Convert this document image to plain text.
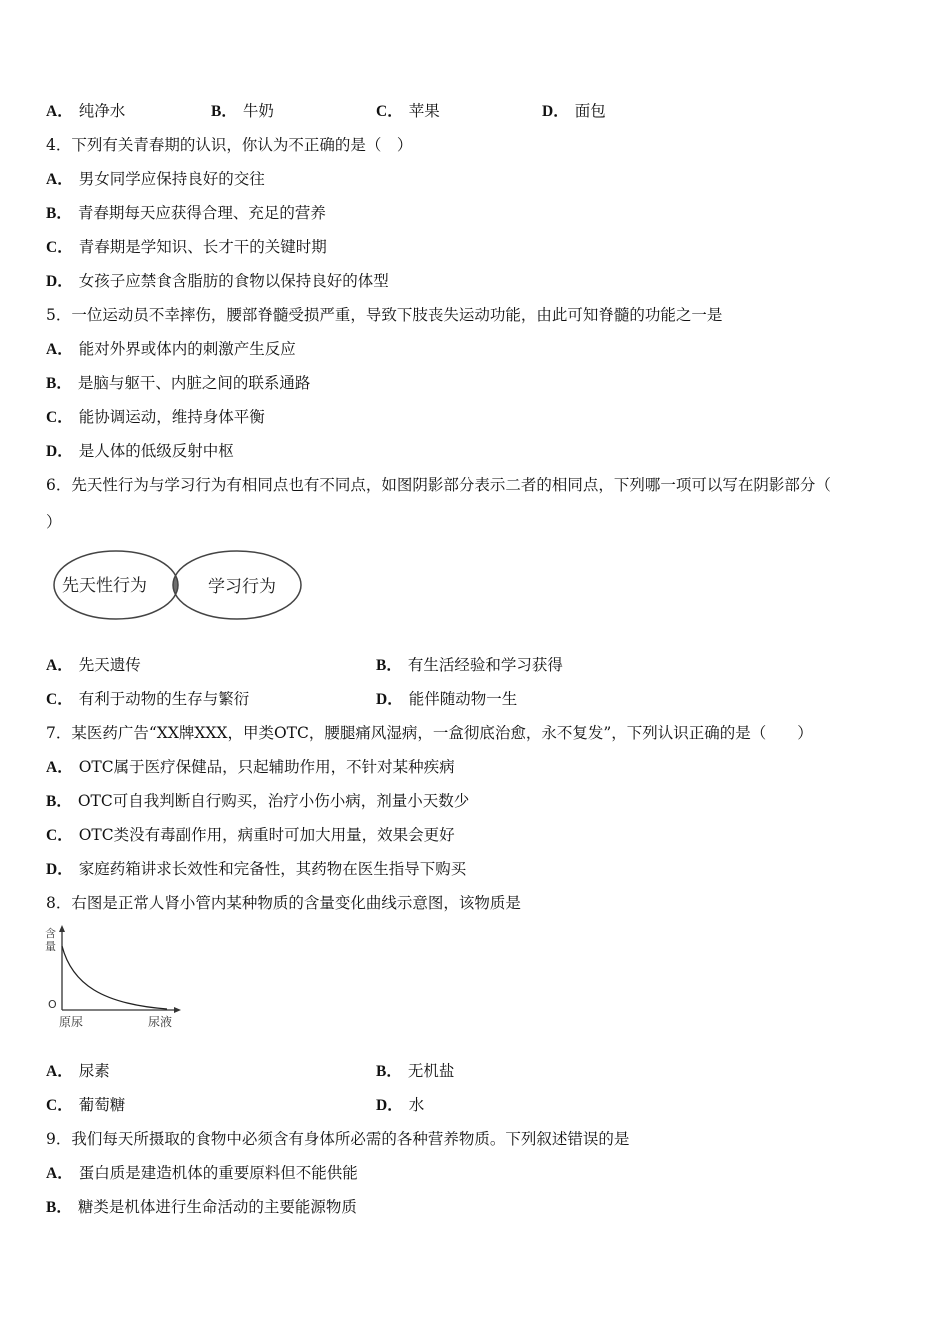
A． 纯净水	B． 牛奶	C． 苹果	D． 面包
4．下列有关青春期的认识，你认为不正确的是（　）
A． 男女同学应保持良好的交往
B． 青春期每天应获得合理、充足的营养
C． 青春期是学知识、长才干的关键时期
D． 女孩子应禁食含脂肪的食物以保持良好的体型
5．一位运动员不幸摔伤，腰部脊髓受损严重，导致下肢丧失运动功能，由此可知脊髓的功能之一是
A． 能对外界或体内的刺激产生反应
B． 是脑与躯干、内脏之间的联系通路
C． 能协调运动，维持身体平衡
D． 是人体的低级反射中枢
6．先天性行为与学习行为有相同点也有不同点，如图阴影部分表示二者的相同点，下列哪一项可以写在阴影部分（
）
先天性行为	学习行为
A． 先天遗传	B． 有生活经验和学习获得
C． 有利于动物的生存与繁衍	D． 能伴随动物一生
7．某医药广告“XX牌XXX，甲类OTC，腰腿痛风湿病，一盒彻底治愈，永不复发”，下列认识正确的是（　　）
A． OTC属于医疗保健品，只起辅助作用，不针对某种疾病
B． OTC可自我判断自行购买，治疗小伤小病，剂量小天数少
C． OTC类没有毒副作用，病重时可加大用量，效果会更好
D． 家庭药箱讲求长效性和完备性，其药物在医生指导下购买
8．右图是正常人肾小管内某种物质的含量变化曲线示意图，该物质是
含
量
O
原尿	尿液
A． 尿素	B． 无机盐
C． 葡萄糖	D． 水
9．我们每天所摄取的食物中必须含有身体所必需的各种营养物质。下列叙述错误的是
A． 蛋白质是建造机体的重要原料但不能供能
B． 糖类是机体进行生命活动的主要能源物质
